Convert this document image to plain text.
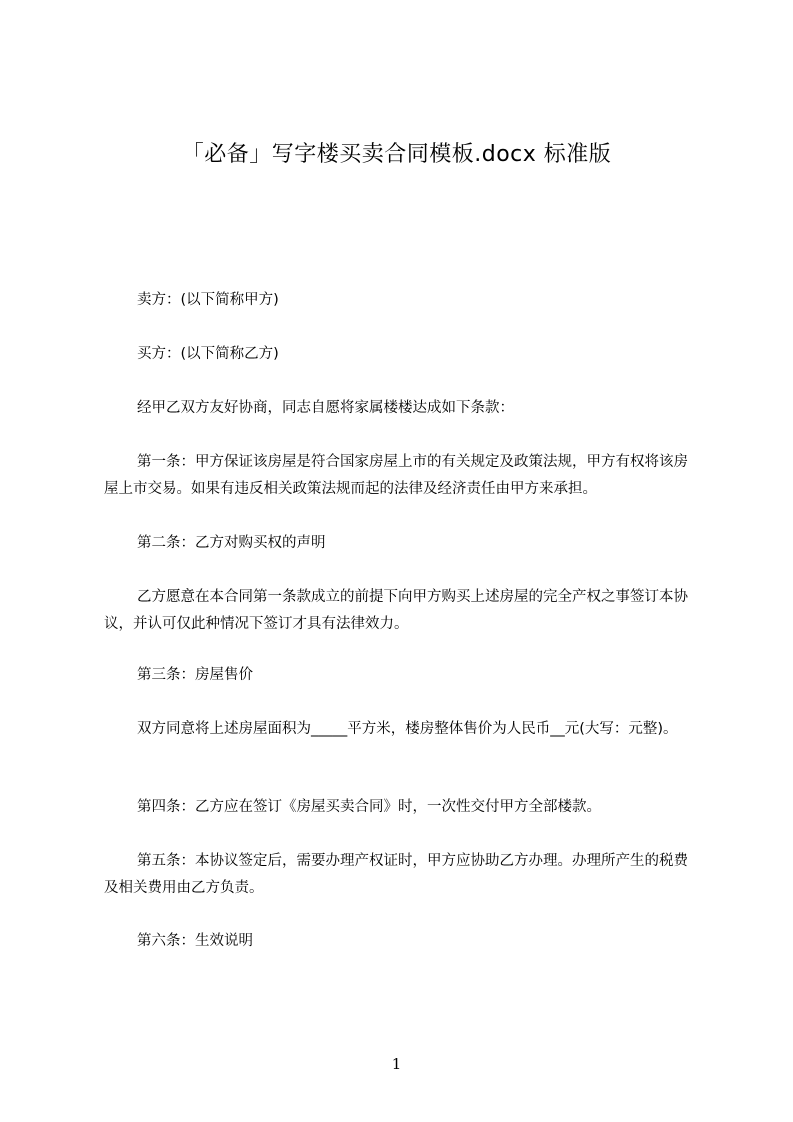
「必备」写字楼买卖合同模板.docx 标准版

卖方：(以下简称甲方)

买方：(以下简称乙方)

经甲乙双方友好协商，同志自愿将家属楼楼达成如下条款：

第一条：甲方保证该房屋是符合国家房屋上市的有关规定及政策法规，甲方有权将该房屋上市交易。如果有违反相关政策法规而起的法律及经济责任由甲方来承担。

第二条：乙方对购买权的声明

乙方愿意在本合同第一条款成立的前提下向甲方购买上述房屋的完全产权之事签订本协议，并认可仅此种情况下签订才具有法律效力。

第三条：房屋售价

双方同意将上述房屋面积为_____平方米，楼房整体售价为人民币__元(大写：元整)。

第四条：乙方应在签订《房屋买卖合同》时，一次性交付甲方全部楼款。

第五条：本协议签定后，需要办理产权证时，甲方应协助乙方办理。办理所产生的税费及相关费用由乙方负责。

第六条：生效说明

1
